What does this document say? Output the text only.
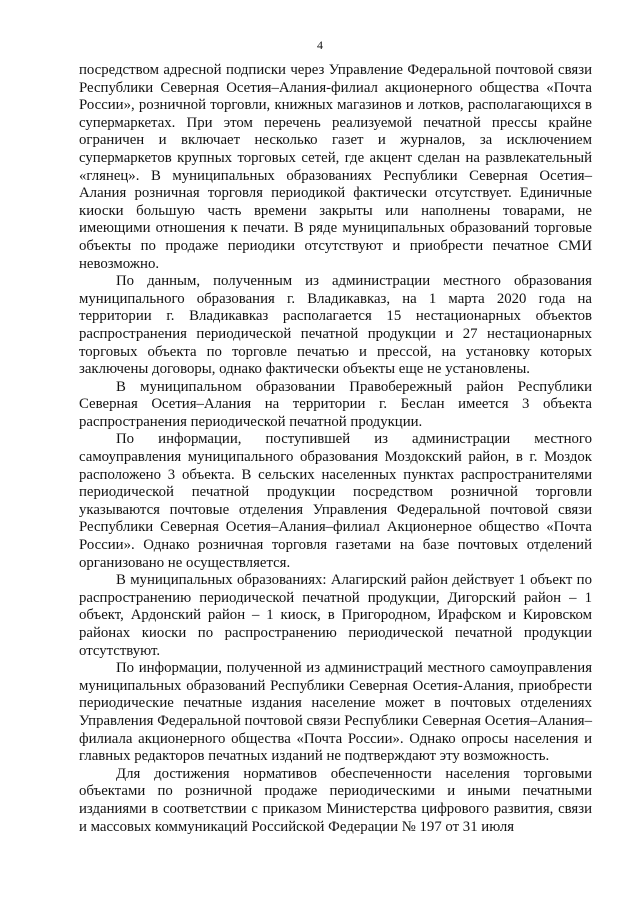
4

посредством адресной подписки через Управление Федеральной почтовой связи Республики Северная Осетия–Алания-филиал акционерного общества «Почта России», розничной торговли, книжных магазинов и лотков, располагающихся в супермаркетах. При этом перечень реализуемой печатной прессы крайне ограничен и включает несколько газет и журналов, за исключением супермаркетов крупных торговых сетей, где акцент сделан на развлекательный «глянец». В муниципальных образованиях Республики Северная Осетия–Алания розничная торговля периодикой фактически отсутствует. Единичные киоски большую часть времени закрыты или наполнены товарами, не имеющими отношения к печати. В ряде муниципальных образований торговые объекты по продаже периодики отсутствуют и приобрести печатное СМИ невозможно.

По данным, полученным из администрации местного образования муниципального образования г. Владикавказ, на 1 марта 2020 года на территории г. Владикавказ располагается 15 нестационарных объектов распространения периодической печатной продукции и 27 нестационарных торговых объекта по торговле печатью и прессой, на установку которых заключены договоры, однако фактически объекты еще не установлены.

В муниципальном образовании Правобережный район Республики Северная Осетия–Алания на территории г. Беслан имеется 3 объекта распространения периодической печатной продукции.

По информации, поступившей из администрации местного самоуправления муниципального образования Моздокский район, в г. Моздок расположено 3 объекта. В сельских населенных пунктах распространителями периодической печатной продукции посредством розничной торговли указываются почтовые отделения Управления Федеральной почтовой связи Республики Северная Осетия–Алания–филиал Акционерное общество «Почта России». Однако розничная торговля газетами на базе почтовых отделений организовано не осуществляется.

В муниципальных образованиях: Алагирский район действует 1 объект по распространению периодической печатной продукции, Дигорский район – 1 объект, Ардонский район – 1 киоск, в Пригородном, Ирафском и Кировском районах киоски по распространению периодической печатной продукции отсутствуют.

По информации, полученной из администраций местного самоуправления муниципальных образований Республики Северная Осетия-Алания, приобрести периодические печатные издания население может в почтовых отделениях Управления Федеральной почтовой связи Республики Северная Осетия–Алания–филиала акционерного общества «Почта России». Однако опросы населения и главных редакторов печатных изданий не подтверждают эту возможность.

Для достижения нормативов обеспеченности населения торговыми объектами по розничной продаже периодическими и иными печатными изданиями в соответствии с приказом Министерства цифрового развития, связи и массовых коммуникаций Российской Федерации № 197 от 31 июля
